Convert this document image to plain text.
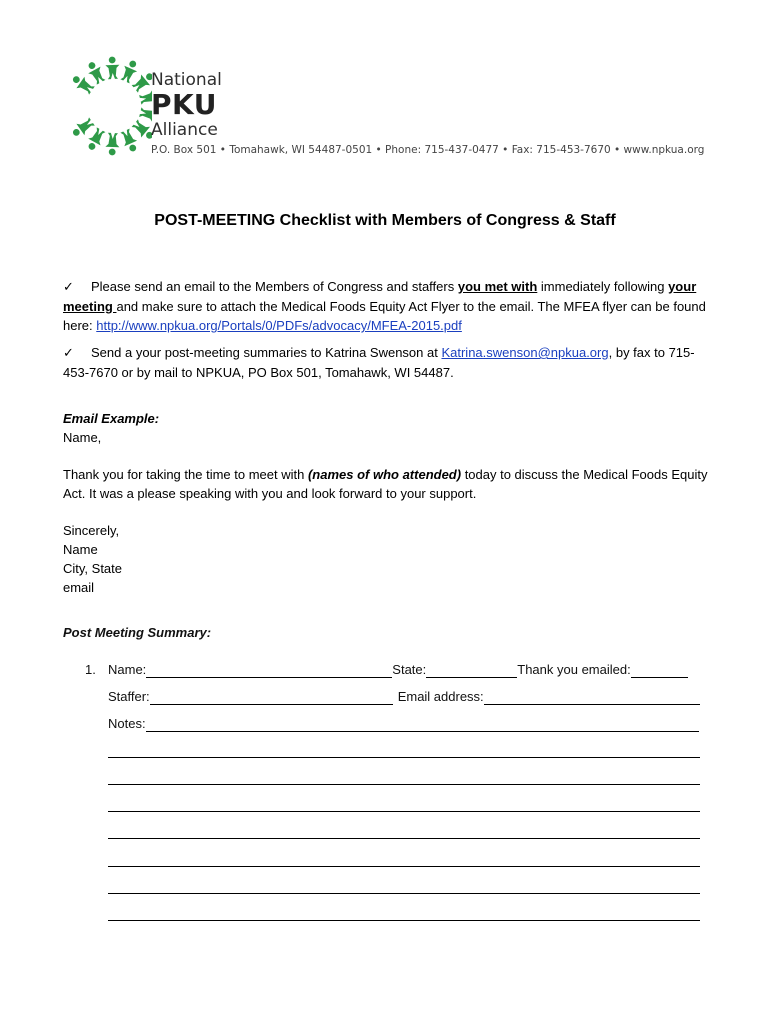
National
PKU
Alliance
P.O. Box 501 • Tomahawk, WI 54487-0501 • Phone: 715-437-0477 • Fax: 715-453-7670 • www.npkua.org
POST-MEETING Checklist with Members of Congress & Staff
✓ Please send an email to the Members of Congress and staffers you met with immediately following your meeting and make sure to attach the Medical Foods Equity Act Flyer to the email. The MFEA flyer can be found here: http://www.npkua.org/Portals/0/PDFs/advocacy/MFEA-2015.pdf
✓ Send a your post-meeting summaries to Katrina Swenson at Katrina.swenson@npkua.org, by fax to 715-453-7670 or by mail to NPKUA, PO Box 501, Tomahawk, WI 54487.
Email Example:
Name,
Thank you for taking the time to meet with (names of who attended) today to discuss the Medical Foods Equity Act. It was a please speaking with you and look forward to your support.
Sincerely,
Name
City, State
email
Post Meeting Summary:
1. Name:	State:	Thank you emailed:
Staffer:	Email address:
Notes:
